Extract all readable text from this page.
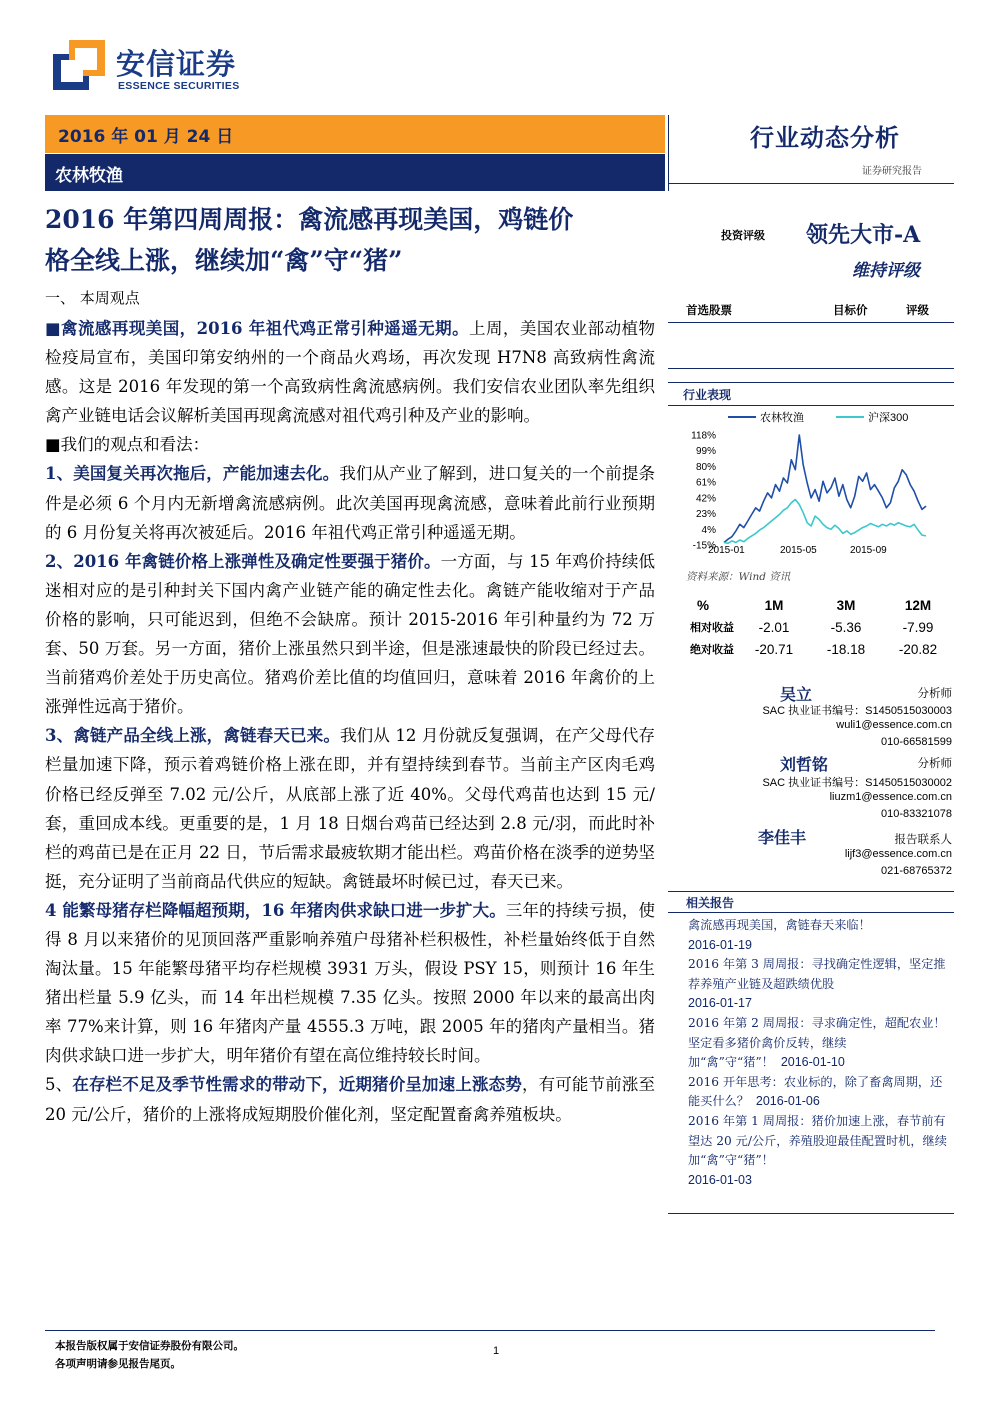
安信证券
ESSENCE SECURITIES
2016 年 01 月 24 日
农林牧渔
行业动态分析
证券研究报告
2016 年第四周周报：禽流感再现美国，鸡链价
格全线上涨，继续加“禽”守“猪”
一、 本周观点

■禽流感再现美国，2016 年祖代鸡正常引种遥遥无期。上周，美国农业部动植物检疫局宣布，美国印第安纳州的一个商品火鸡场，再次发现 H7N8 高致病性禽流感。这是 2016 年发现的第一个高致病性禽流感病例。我们安信农业团队率先组织禽产业链电话会议解析美国再现禽流感对祖代鸡引种及产业的影响。

■我们的观点和看法：

1、美国复关再次拖后，产能加速去化。我们从产业了解到，进口复关的一个前提条件是必须 6 个月内无新增禽流感病例。此次美国再现禽流感，意味着此前行业预期的 6 月份复关将再次被延后。2016 年祖代鸡正常引种遥遥无期。

2、2016 年禽链价格上涨弹性及确定性要强于猪价。一方面，与 15 年鸡价持续低迷相对应的是引种封关下国内禽产业链产能的确定性去化。禽链产能收缩对于产品价格的影响，只可能迟到，但绝不会缺席。预计 2015-2016 年引种量约为 72 万套、50 万套。另一方面，猪价上涨虽然只到半途，但是涨速最快的阶段已经过去。当前猪鸡价差处于历史高位。猪鸡价差比值的均值回归，意味着 2016 年禽价的上涨弹性远高于猪价。

3、禽链产品全线上涨，禽链春天已来。我们从 12 月份就反复强调，在产父母代存栏量加速下降，预示着鸡链价格上涨在即，并有望持续到春节。当前主产区肉毛鸡价格已经反弹至 7.02 元/公斤，从底部上涨了近 40%。父母代鸡苗也达到 15 元/套，重回成本线。更重要的是，1 月 18 日烟台鸡苗已经达到 2.8 元/羽，而此时补栏的鸡苗已是在正月 22 日，节后需求最疲软期才能出栏。鸡苗价格在淡季的逆势坚挺，充分证明了当前商品代供应的短缺。禽链最坏时候已过，春天已来。

4 能繁母猪存栏降幅超预期，16 年猪肉供求缺口进一步扩大。三年的持续亏损，使得 8 月以来猪价的见顶回落严重影响养殖户母猪补栏积极性，补栏量始终低于自然淘汰量。15 年能繁母猪平均存栏规模 3931 万头，假设 PSY 15，则预计 16 年生猪出栏量 5.9 亿头，而 14 年出栏规模 7.35 亿头。按照 2000 年以来的最高出肉率 77%来计算，则 16 年猪肉产量 4555.3 万吨，跟 2005 年的猪肉产量相当。猪肉供求缺口进一步扩大，明年猪价有望在高位维持较长时间。

5、在存栏不足及季节性需求的带动下，近期猪价呈加速上涨态势，有可能节前涨至 20 元/公斤，猪价的上涨将成短期股价催化剂，坚定配置畜禽养殖板块。

投资评级 领先大市-A
维持评级
首选股票	目标价	评级
行业表现
农林牧渔	沪深300
118%
99%
80%
61%
42%
23%
4%
-15%
2015-01	2015-05	2015-09
资料来源：Wind 资讯
%	1M	3M	12M
相对收益	-2.01	-5.36	-7.99
绝对收益	-20.71	-18.18	-20.82
吴立	分析师
SAC 执业证书编号：S1450515030003
wuli1@essence.com.cn
010-66581599
刘哲铭	分析师
SAC 执业证书编号：S1450515030002
liuzm1@essence.com.cn
010-83321078
李佳丰	报告联系人
lijf3@essence.com.cn
021-68765372
相关报告
禽流感再现美国，禽链春天来临！
2016-01-19
2016 年第 3 周周报：寻找确定性逻辑，坚定推荐养殖产业链及超跌绩优股
2016-01-17
2016 年第 2 周周报：寻求确定性，超配农业！坚定看多猪价禽价反转，继续加“禽”守“猪”！ 2016-01-10
2016 开年思考：农业标的，除了畜禽周期，还能买什么？ 2016-01-06
2016 年第 1 周周报：猪价加速上涨，春节前有望达 20 元/公斤，养殖股迎最佳配置时机，继续加“禽”守“猪”！
2016-01-03
本报告版权属于安信证券股份有限公司。
各项声明请参见报告尾页。
1
